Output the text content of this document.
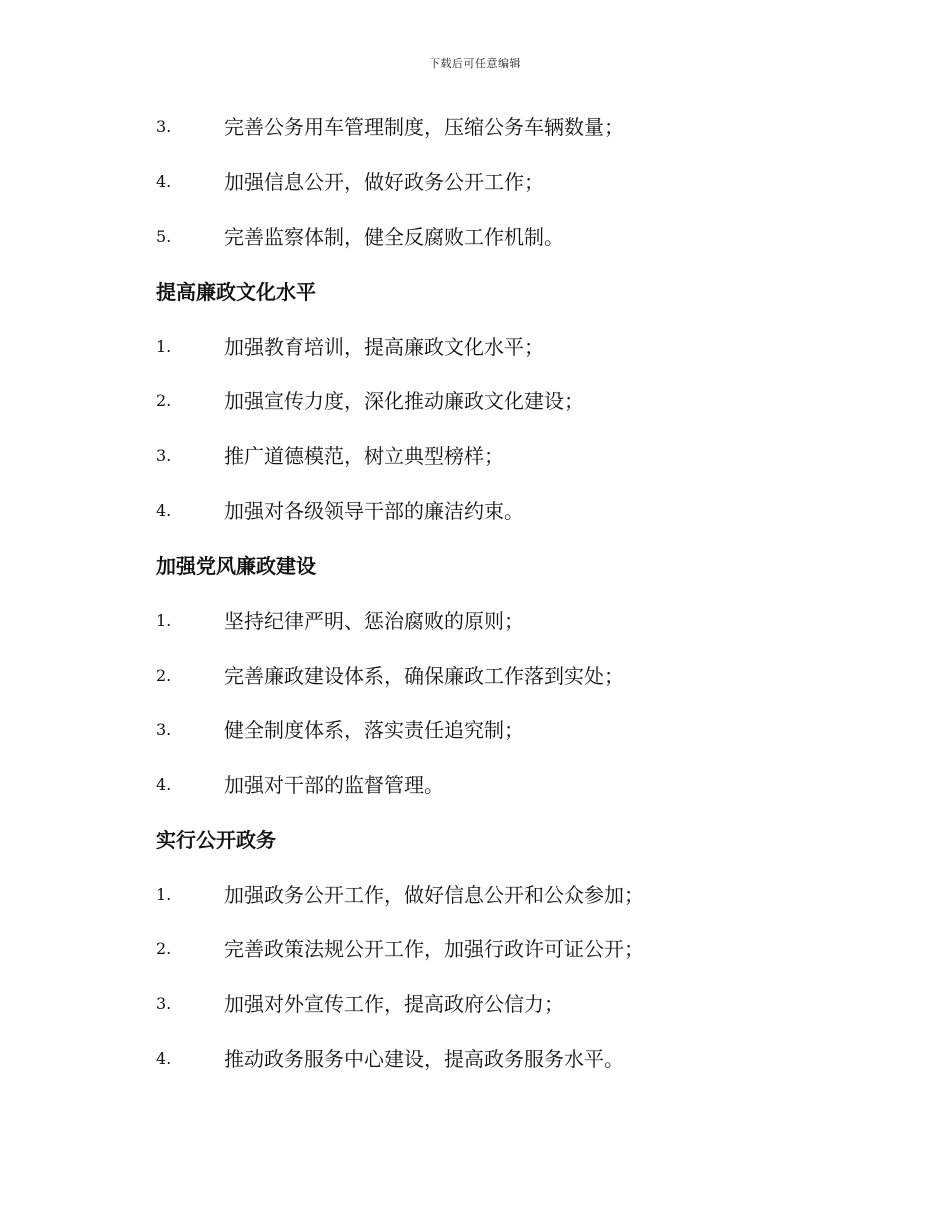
下载后可任意编辑
3.	完善公务用车管理制度，压缩公务车辆数量；
4.	加强信息公开，做好政务公开工作；
5.	完善监察体制，健全反腐败工作机制。
提高廉政文化水平
1.	加强教育培训，提高廉政文化水平；
2.	加强宣传力度，深化推动廉政文化建设；
3.	推广道德模范，树立典型榜样；
4.	加强对各级领导干部的廉洁约束。
加强党风廉政建设
1.	坚持纪律严明、惩治腐败的原则；
2.	完善廉政建设体系，确保廉政工作落到实处；
3.	健全制度体系，落实责任追究制；
4.	加强对干部的监督管理。
实行公开政务
1.	加强政务公开工作，做好信息公开和公众参加；
2.	完善政策法规公开工作，加强行政许可证公开；
3.	加强对外宣传工作，提高政府公信力；
4.	推动政务服务中心建设，提高政务服务水平。
